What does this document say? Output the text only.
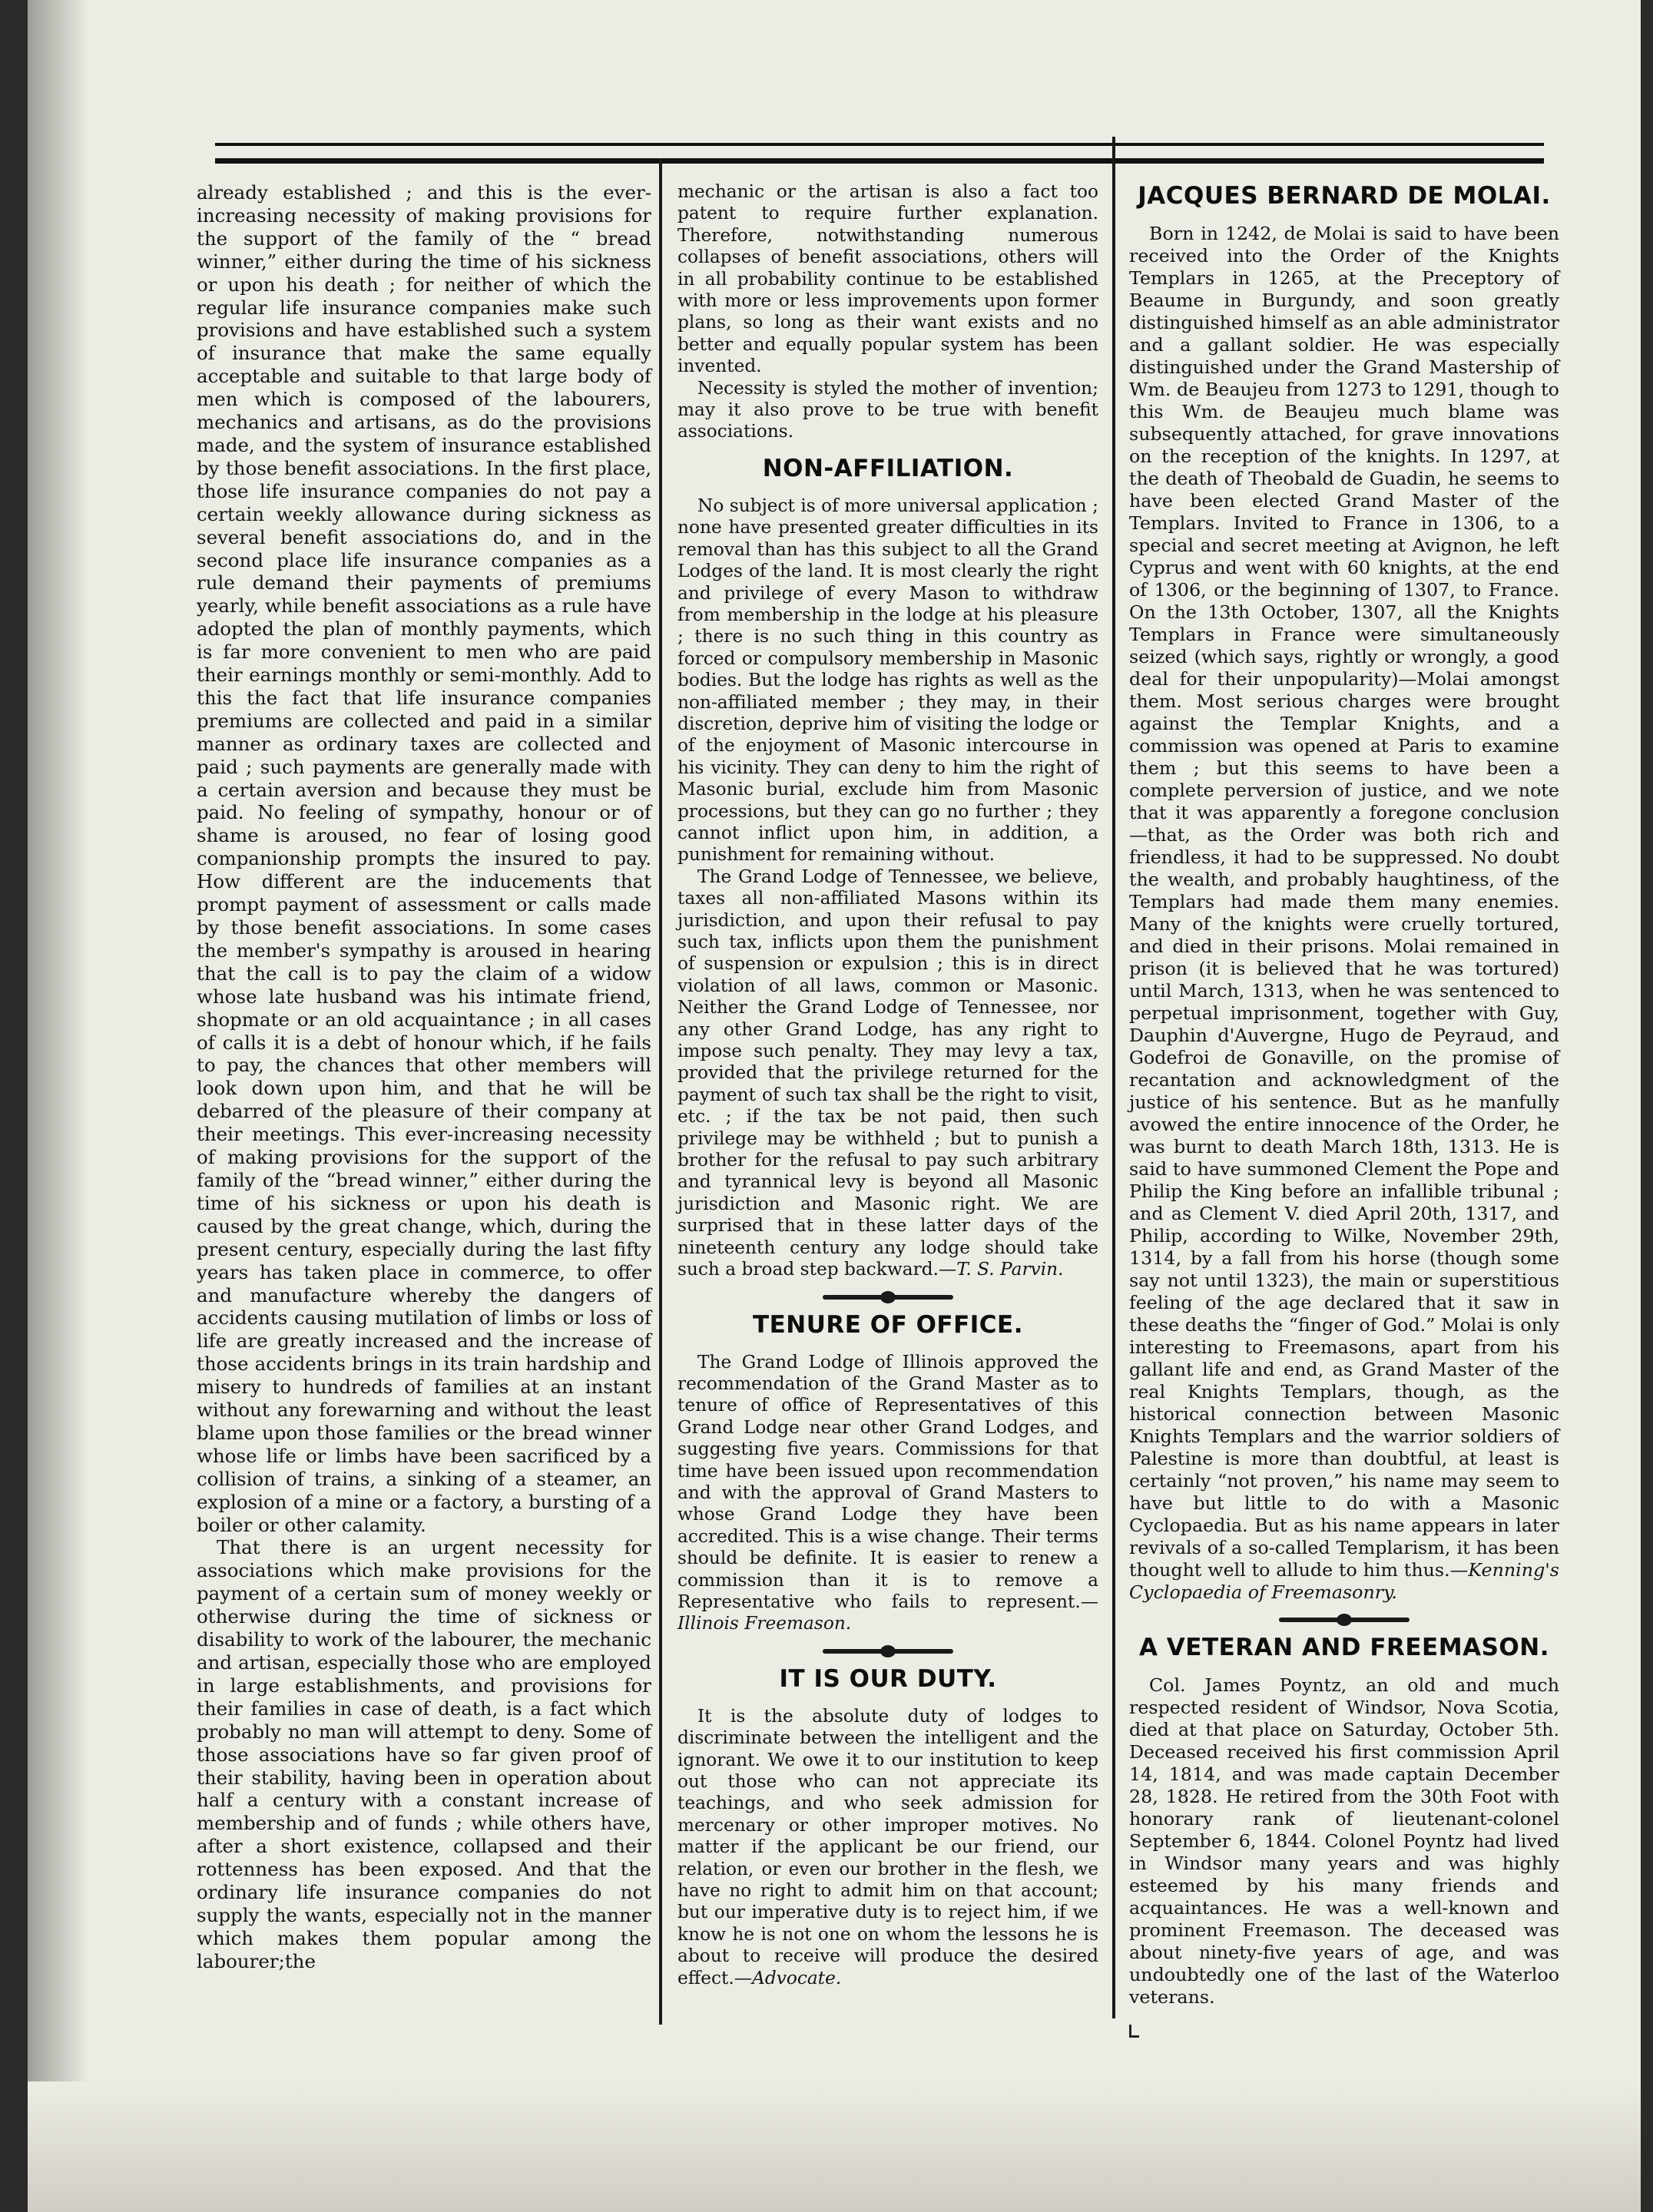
already established ; and this is the ever-increasing necessity of making provisions for the support of the family of the “ bread winner,” either during the time of his sickness or upon his death ; for neither of which the regular life insurance companies make such provisions and have established such a system of insurance that make the same equally acceptable and suitable to that large body of men which is composed of the labourers, mechanics and artisans, as do the provisions made, and the system of insurance established by those benefit associations. In the first place, those life insurance companies do not pay a certain weekly allowance during sickness as several benefit associations do, and in the second place life insurance companies as a rule demand their payments of premiums yearly, while benefit associations as a rule have adopted the plan of monthly payments, which is far more convenient to men who are paid their earnings monthly or semi-monthly. Add to this the fact that life insurance companies premiums are collected and paid in a similar manner as ordinary taxes are collected and paid ; such payments are generally made with a certain aversion and because they must be paid. No feeling of sympathy, honour or of shame is aroused, no fear of losing good companionship prompts the insured to pay. How different are the inducements that prompt payment of assessment or calls made by those benefit associations. In some cases the member's sympathy is aroused in hearing that the call is to pay the claim of a widow whose late husband was his intimate friend, shopmate or an old acquaintance ; in all cases of calls it is a debt of honour which, if he fails to pay, the chances that other members will look down upon him, and that he will be debarred of the pleasure of their company at their meetings. This ever-increasing necessity of making provisions for the support of the family of the “bread winner,” either during the time of his sickness or upon his death is caused by the great change, which, during the present century, especially during the last fifty years has taken place in commerce, to offer and manufacture whereby the dangers of accidents causing mutilation of limbs or loss of life are greatly increased and the increase of those accidents brings in its train hardship and misery to hundreds of families at an instant without any forewarning and without the least blame upon those families or the bread winner whose life or limbs have been sacrificed by a collision of trains, a sinking of a steamer, an explosion of a mine or a factory, a bursting of a boiler or other calamity.

That there is an urgent necessity for associations which make provisions for the payment of a certain sum of money weekly or otherwise during the time of sickness or disability to work of the labourer, the mechanic and artisan, especially those who are employed in large establishments, and provisions for their families in case of death, is a fact which probably no man will attempt to deny. Some of those associations have so far given proof of their stability, having been in operation about half a century with a constant increase of membership and of funds ; while others have, after a short existence, collapsed and their rottenness has been exposed. And that the ordinary life insurance companies do not supply the wants, especially not in the manner which makes them popular among the labourer;the

mechanic or the artisan is also a fact too patent to require further explanation. Therefore, notwithstanding numerous collapses of benefit associations, others will in all probability continue to be established with more or less improvements upon former plans, so long as their want exists and no better and equally popular system has been invented.

Necessity is styled the mother of invention; may it also prove to be true with benefit associations.

NON-AFFILIATION.

No subject is of more universal application ; none have presented greater difficulties in its removal than has this subject to all the Grand Lodges of the land. It is most clearly the right and privilege of every Mason to withdraw from membership in the lodge at his pleasure ; there is no such thing in this country as forced or compulsory membership in Masonic bodies. But the lodge has rights as well as the non-affiliated member ; they may, in their discretion, deprive him of visiting the lodge or of the enjoyment of Masonic intercourse in his vicinity. They can deny to him the right of Masonic burial, exclude him from Masonic processions, but they can go no further ; they cannot inflict upon him, in addition, a punishment for remaining without.

The Grand Lodge of Tennessee, we believe, taxes all non-affiliated Masons within its jurisdiction, and upon their refusal to pay such tax, inflicts upon them the punishment of suspension or expulsion ; this is in direct violation of all laws, common or Masonic. Neither the Grand Lodge of Tennessee, nor any other Grand Lodge, has any right to impose such penalty. They may levy a tax, provided that the privilege returned for the payment of such tax shall be the right to visit, etc. ; if the tax be not paid, then such privilege may be withheld ; but to punish a brother for the refusal to pay such arbitrary and tyrannical levy is beyond all Masonic jurisdiction and Masonic right. We are surprised that in these latter days of the nineteenth century any lodge should take such a broad step backward.—T. S. Parvin.

TENURE OF OFFICE.

The Grand Lodge of Illinois approved the recommendation of the Grand Master as to tenure of office of Representatives of this Grand Lodge near other Grand Lodges, and suggesting five years. Commissions for that time have been issued upon recommendation and with the approval of Grand Masters to whose Grand Lodge they have been accredited. This is a wise change. Their terms should be definite. It is easier to renew a commission than it is to remove a Representative who fails to represent.—Illinois Freemason.

IT IS OUR DUTY.

It is the absolute duty of lodges to discriminate between the intelligent and the ignorant. We owe it to our institution to keep out those who can not appreciate its teachings, and who seek admission for mercenary or other improper motives. No matter if the applicant be our friend, our relation, or even our brother in the flesh, we have no right to admit him on that account; but our imperative duty is to reject him, if we know he is not one on whom the lessons he is about to receive will produce the desired effect.—Advocate.

JACQUES BERNARD DE MOLAI.

Born in 1242, de Molai is said to have been received into the Order of the Knights Templars in 1265, at the Preceptory of Beaume in Burgundy, and soon greatly distinguished himself as an able administrator and a gallant soldier. He was especially distinguished under the Grand Mastership of Wm. de Beaujeu from 1273 to 1291, though to this Wm. de Beaujeu much blame was subsequently attached, for grave innovations on the reception of the knights. In 1297, at the death of Theobald de Guadin, he seems to have been elected Grand Master of the Templars. Invited to France in 1306, to a special and secret meeting at Avignon, he left Cyprus and went with 60 knights, at the end of 1306, or the beginning of 1307, to France. On the 13th October, 1307, all the Knights Templars in France were simultaneously seized (which says, rightly or wrongly, a good deal for their unpopularity)—Molai amongst them. Most serious charges were brought against the Templar Knights, and a commission was opened at Paris to examine them ; but this seems to have been a complete perversion of justice, and we note that it was apparently a foregone conclusion—that, as the Order was both rich and friendless, it had to be suppressed. No doubt the wealth, and probably haughtiness, of the Templars had made them many enemies. Many of the knights were cruelly tortured, and died in their prisons. Molai remained in prison (it is believed that he was tortured) until March, 1313, when he was sentenced to perpetual imprisonment, together with Guy, Dauphin d'Auvergne, Hugo de Peyraud, and Godefroi de Gonaville, on the promise of recantation and acknowledgment of the justice of his sentence. But as he manfully avowed the entire innocence of the Order, he was burnt to death March 18th, 1313. He is said to have summoned Clement the Pope and Philip the King before an infallible tribunal ; and as Clement V. died April 20th, 1317, and Philip, according to Wilke, November 29th, 1314, by a fall from his horse (though some say not until 1323), the main or superstitious feeling of the age declared that it saw in these deaths the “finger of God.” Molai is only interesting to Freemasons, apart from his gallant life and end, as Grand Master of the real Knights Templars, though, as the historical connection between Masonic Knights Templars and the warrior soldiers of Palestine is more than doubtful, at least is certainly “not proven,” his name may seem to have but little to do with a Masonic Cyclopaedia. But as his name appears in later revivals of a so-called Templarism, it has been thought well to allude to him thus.—Kenning's Cyclopaedia of Freemasonry.

A VETERAN AND FREEMASON.

Col. James Poyntz, an old and much respected resident of Windsor, Nova Scotia, died at that place on Saturday, October 5th. Deceased received his first commission April 14, 1814, and was made captain December 28, 1828. He retired from the 30th Foot with honorary rank of lieutenant-colonel September 6, 1844. Colonel Poyntz had lived in Windsor many years and was highly esteemed by his many friends and acquaintances. He was a well-known and prominent Freemason. The deceased was about ninety-five years of age, and was undoubtedly one of the last of the Waterloo veterans.
